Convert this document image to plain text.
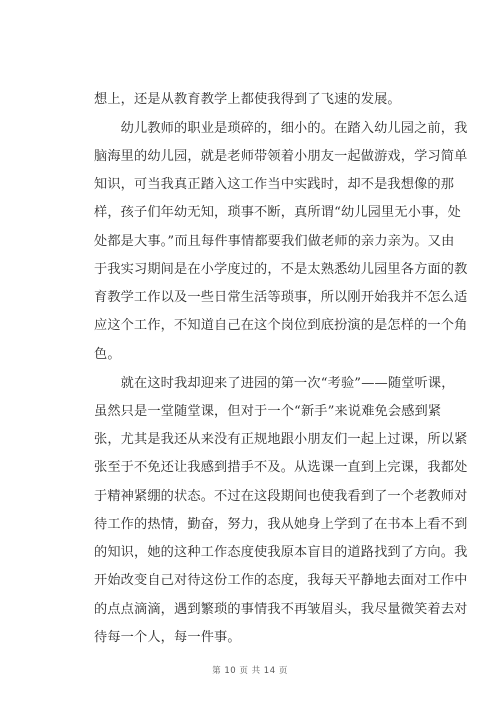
想上，还是从教育教学上都使我得到了飞速的发展。
　　幼儿教师的职业是琐碎的，细小的。在踏入幼儿园之前，我
脑海里的幼儿园，就是老师带领着小朋友一起做游戏，学习简单
知识，可当我真正踏入这工作当中实践时，却不是我想像的那
样，孩子们年幼无知，琐事不断，真所谓“幼儿园里无小事，处
处都是大事。”而且每件事情都要我们做老师的亲力亲为。又由
于我实习期间是在小学度过的，不是太熟悉幼儿园里各方面的教
育教学工作以及一些日常生活等琐事，所以刚开始我并不怎么适
应这个工作，不知道自己在这个岗位到底扮演的是怎样的一个角
色。
　　就在这时我却迎来了进园的第一次“考验”——随堂听课，
虽然只是一堂随堂课，但对于一个“新手”来说难免会感到紧
张，尤其是我还从来没有正规地跟小朋友们一起上过课，所以紧
张至于不免还让我感到措手不及。从选课一直到上完课，我都处
于精神紧绷的状态。不过在这段期间也使我看到了一个老教师对
待工作的热情，勤奋，努力，我从她身上学到了在书本上看不到
的知识，她的这种工作态度使我原本盲目的道路找到了方向。我
开始改变自己对待这份工作的态度，我每天平静地去面对工作中
的点点滴滴，遇到繁琐的事情我不再皱眉头，我尽量微笑着去对
待每一个人，每一件事。
第 10 页 共 14 页
